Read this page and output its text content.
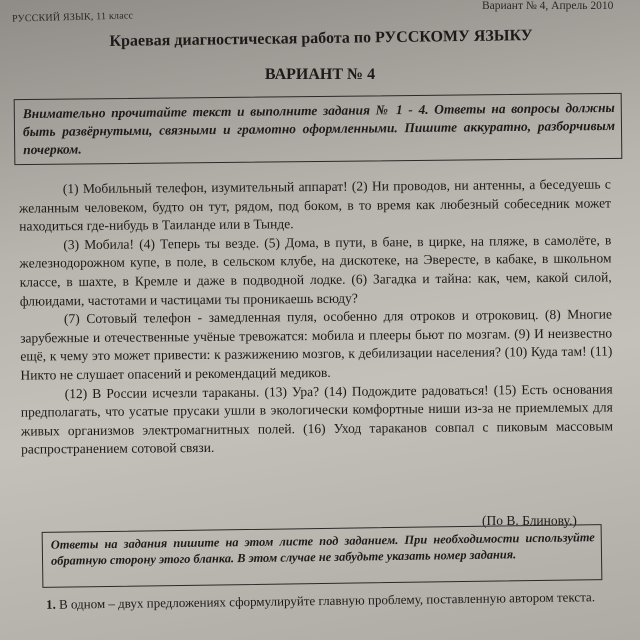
РУССКИЙ ЯЗЫК, 11 класс
Вариант № 4, Апрель 2010
Краевая диагностическая работа по РУССКОМУ ЯЗЫКУ
ВАРИАНТ № 4
Внимательно прочитайте текст и выполните задания № 1 - 4. Ответы на вопросы должны быть развёрнутыми, связными и грамотно оформленными. Пишите аккуратно, разборчивым почерком.

(1) Мобильный телефон, изумительный аппарат! (2) Ни проводов, ни антенны, а беседуешь с желанным человеком, будто он тут, рядом, под боком, в то время как любезный собеседник может находиться где-нибудь в Таиланде или в Тынде.

(3) Мобила! (4) Теперь ты везде. (5) Дома, в пути, в бане, в цирке, на пляже, в самолёте, в железнодорожном купе, в поле, в сельском клубе, на дискотеке, на Эвересте, в кабаке, в школьном классе, в шахте, в Кремле и даже в подводной лодке. (6) Загадка и тайна: как, чем, какой силой, флюидами, частотами и частицами ты проникаешь всюду?

(7) Сотовый телефон - замедленная пуля, особенно для отроков и отроковиц. (8) Многие зарубежные и отечественные учёные тревожатся: мобила и плееры бьют по мозгам. (9) И неизвестно ещё, к чему это может привести: к разжижению мозгов, к дебилизации населения? (10) Куда там! (11) Никто не слушает опасений и рекомендаций медиков.

(12) В России исчезли тараканы. (13) Ура? (14) Подождите радоваться! (15) Есть основания предполагать, что усатые прусаки ушли в экологически комфортные ниши из-за не приемлемых для живых организмов электромагнитных полей. (16) Уход тараканов совпал с пиковым массовым распространением сотовой связи.

(По В. Блинову.)
Ответы на задания пишите на этом листе под заданием. При необходимости используйте обратную сторону этого бланка. В этом случае не забудьте указать номер задания.
1. В одном – двух предложениях сформулируйте главную проблему, поставленную автором текста.
